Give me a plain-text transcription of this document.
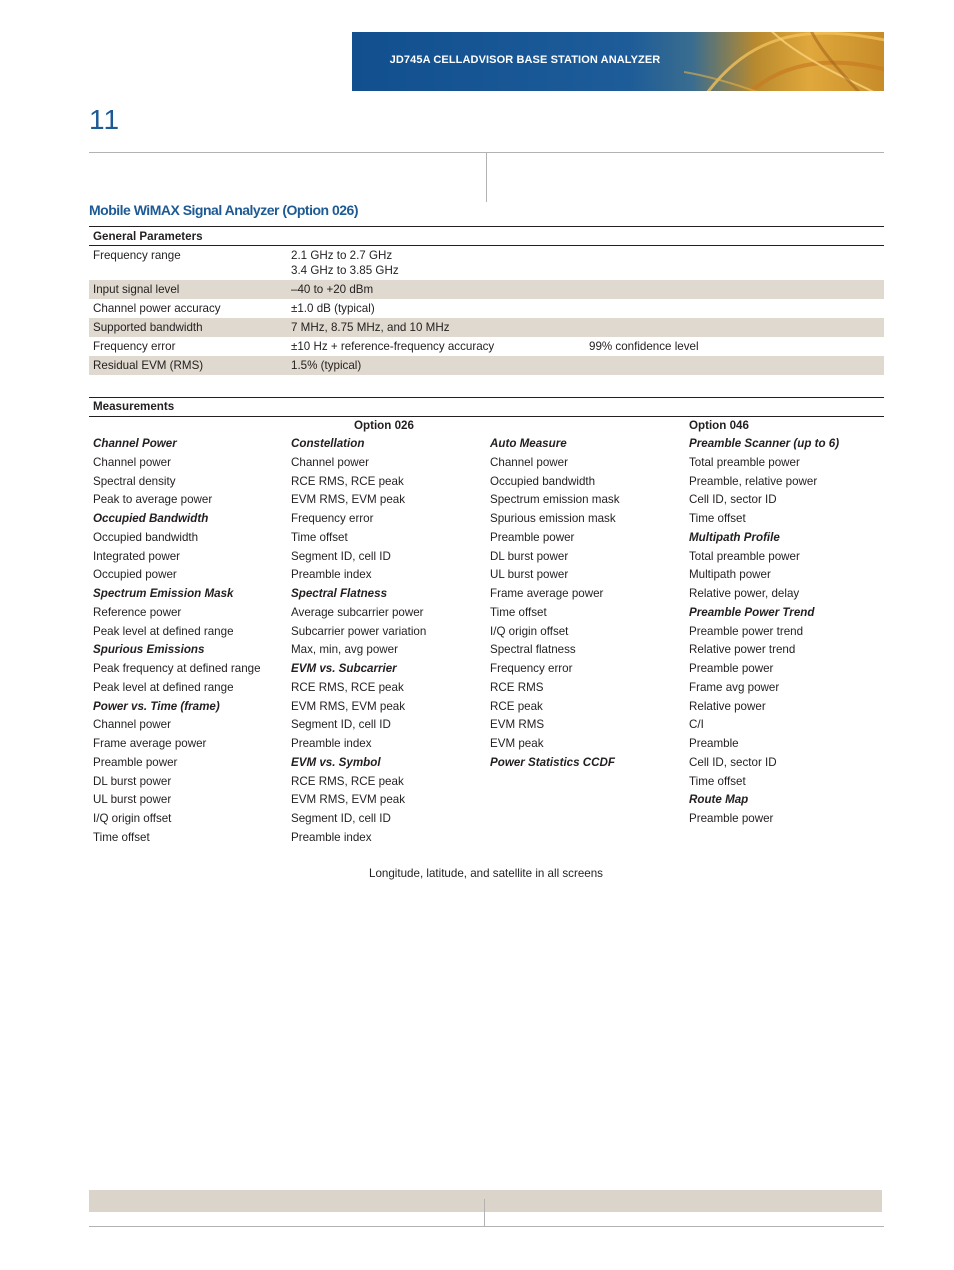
JD745A CELLADVISOR BASE STATION ANALYZER
11
Mobile WiMAX Signal Analyzer (Option 026)
General Parameters		
Frequency range	2.1 GHz to 2.7 GHz
3.4 GHz to 3.85 GHz	

Input signal level	–40 to +20 dBm	
Channel power accuracy	±1.0 dB (typical)	
Supported bandwidth	7 MHz, 8.75 MHz, and 10 MHz	
Frequency error	±10 Hz + reference-frequency accuracy	99% confidence level
Residual EVM (RMS)	1.5% (typical)	
Measurements
Option 026	Option 046
Channel Power
Channel power
Spectral density
Peak to average power
Occupied Bandwidth
Occupied bandwidth
Integrated power
Occupied power
Spectrum Emission Mask
Reference power
Peak level at defined range
Spurious Emissions
Peak frequency at defined range
Peak level at defined range
Power vs. Time (frame)
Channel power
Frame average power
Preamble power
DL burst power
UL burst power
I/Q origin offset
Time offset
Constellation
Channel power
RCE RMS, RCE peak
EVM RMS, EVM peak
Frequency error
Time offset
Segment ID, cell ID
Preamble index
Spectral Flatness
Average subcarrier power
Subcarrier power variation
Max, min, avg power
EVM vs. Subcarrier
RCE RMS, RCE peak
EVM RMS, EVM peak
Segment ID, cell ID
Preamble index
EVM vs. Symbol
RCE RMS, RCE peak
EVM RMS, EVM peak
Segment ID, cell ID
Preamble index
Auto Measure
Channel power
Occupied bandwidth
Spectrum emission mask
Spurious emission mask
Preamble power
DL burst power
UL burst power
Frame average power
Time offset
I/Q origin offset
Spectral flatness
Frequency error
RCE RMS
RCE peak
EVM RMS
EVM peak
Power Statistics CCDF
Preamble Scanner (up to 6)
Total preamble power
Preamble, relative power
Cell ID, sector ID
Time offset
Multipath Profile
Total preamble power
Multipath power
Relative power, delay
Preamble Power Trend
Preamble power trend
Relative power trend
Preamble power
Frame avg power
Relative power
C/I
Preamble
Cell ID, sector ID
Time offset
Route Map
Preamble power
Longitude, latitude, and satellite in all screens
